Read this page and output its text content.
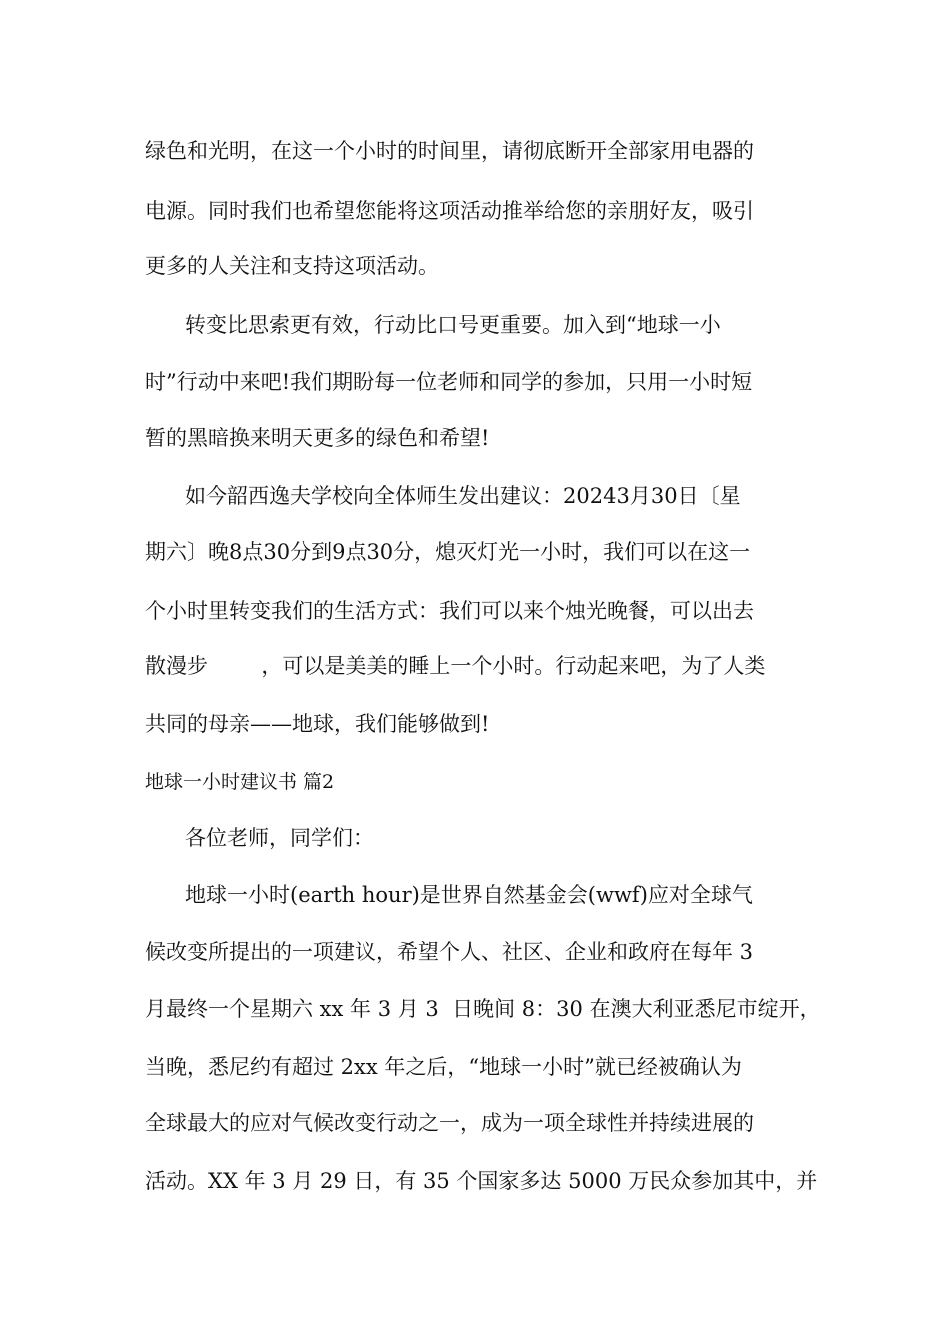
绿色和光明，在这一个小时的时间里，请彻底断开全部家用电器的
电源。同时我们也希望您能将这项活动推举给您的亲朋好友，吸引
更多的人关注和支持这项活动。
转变比思索更有效，行动比口号更重要。加入到“地球一小
时”行动中来吧!我们期盼每一位老师和同学的参加，只用一小时短
暂的黑暗换来明天更多的绿色和希望!
如今韶西逸夫学校向全体师生发出建议：20243月30日〔星
期六〕晚8点30分到9点30分，熄灭灯光一小时，我们可以在这一
个小时里转变我们的生活方式：我们可以来个烛光晚餐，可以出去
散漫步        ，可以是美美的睡上一个小时。行动起来吧，为了人类
共同的母亲——地球，我们能够做到!
地球一小时建议书 篇2
各位老师，同学们：
地球一小时(earth hour)是世界自然基金会(wwf)应对全球气
候改变所提出的一项建议，希望个人、社区、企业和政府在每年 3
月最终一个星期六 xx 年 3 月 3  日晚间 8：30 在澳大利亚悉尼市绽开，
当晚，悉尼约有超过 2xx 年之后，“地球一小时”就已经被确认为
全球最大的应对气候改变行动之一，成为一项全球性并持续进展的
活动。XX 年 3 月 29 日，有 35 个国家多达 5000 万民众参加其中，并
